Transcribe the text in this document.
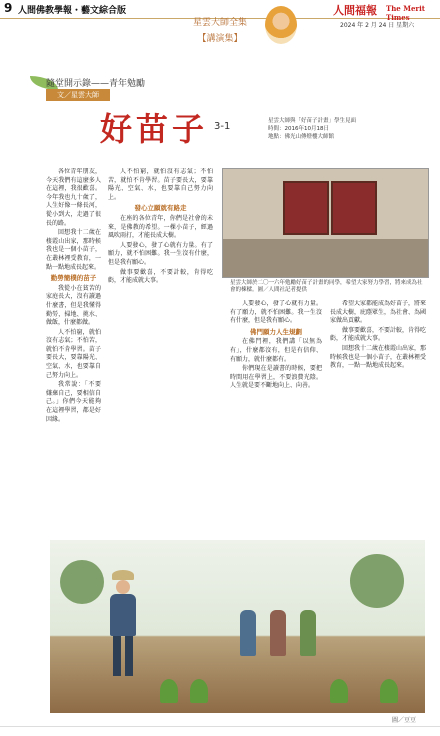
9 人間佛教學報・藝文綜合版	人間福報 The Merit Times
2024 年 2 月 24 日 星期六
星雲大師全集
【講演集】
隨堂開示錄——青年勉勵
文／星雲大師
好苗子 3-1	星雲大師與「好苗子計畫」學生見面
時間：2016年10月18日
地點：佛光山傳燈樓大師館

各位青年朋友，今天我們有這麼多人在這裡，我很歡喜。今年我也九十歲了，人生好像一條長河，從小到大，走過了很長的路。

回想我十二歲在棲霞山出家，那時候我也是一個小苗子，在叢林裡受教育，一點一點地成長起來。

勤勞簡樸的苗子

我從小在貧苦的家庭長大，沒有讀過什麼書，但是我懂得勤勞，掃地、挑水、做飯，什麼都做。

人不怕窮，就怕沒有志氣；不怕苦，就怕不肯學習。苗子要長大，要靠陽光、空氣、水，也要靠自己努力向上。

我常說：「不要嫌棄自己，要相信自己。」你們今天能夠在這裡學習，都是好因緣。

人不怕窮，就怕沒有志氣；不怕苦，就怕不肯學習。苗子要長大，要靠陽光、空氣、水，也要靠自己努力向上。

發心立願就有路走

在座的各位青年，你們是社會的未來，是佛教的希望。一棵小苗子，經過風吹雨打，才能長成大樹。

人要發心，發了心就有力量。有了願力，就不怕困難。我一生沒有什麼，但是我有願心。

做事要歡喜，不要計較，肯得吃虧，才能成就大事。	星雲大師於二〇一六年勉勵好苗子計畫的同學，希望大家努力學習，將來成為社會的棟樑。圖／人間社記者提供

人要發心，發了心就有力量。有了願力，就不怕困難。我一生沒有什麼，但是我有願心。

佛門願力人生規劃

在佛門裡，我們講「以無為有」，什麼都沒有，但是有信仰、有願力，就什麼都有。

你們現在是讀書的時候，要把時間用在學習上，不要浪費光陰。人生就是要不斷地向上、向善。

希望大家都能成為好苗子，將來長成大樹，庇蔭眾生，為社會、為國家做出貢獻。

做事要歡喜，不要計較，肯得吃虧，才能成就大事。

回想我十二歲在棲霞山出家，那時候我也是一個小苗子，在叢林裡受教育，一點一點地成長起來。

圖／豆豆
